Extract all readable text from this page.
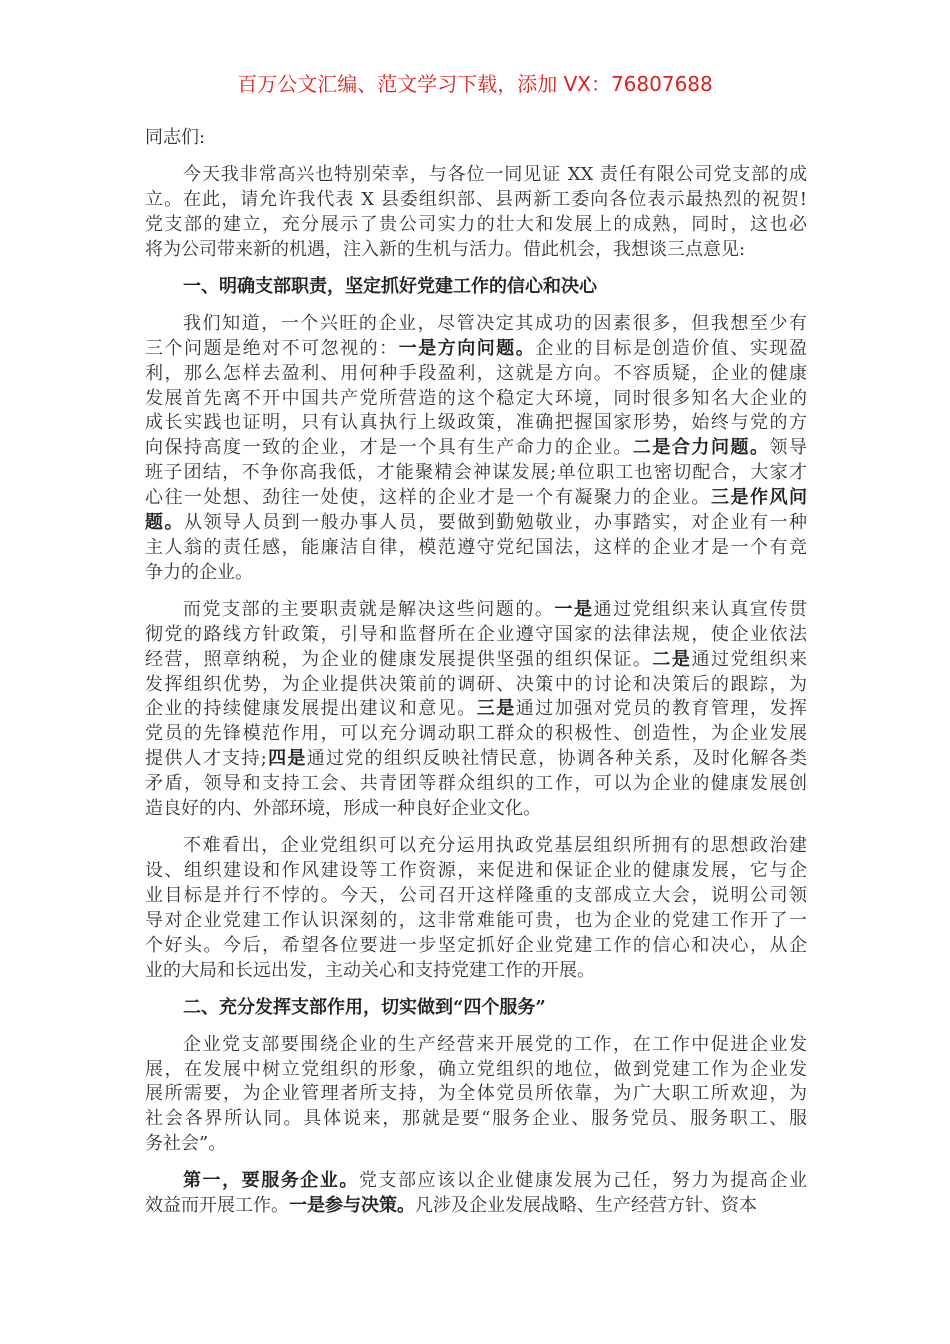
百万公文汇编、范文学习下载，添加 VX：76807688
同志们:
今天我非常高兴也特别荣幸，与各位一同见证 XX 责任有限公司党支部的成
立。在此，请允许我代表 X 县委组织部、县两新工委向各位表示最热烈的祝贺!
党支部的建立，充分展示了贵公司实力的壮大和发展上的成熟，同时，这也必
将为公司带来新的机遇，注入新的生机与活力。借此机会，我想谈三点意见:
一、明确支部职责，坚定抓好党建工作的信心和决心
我们知道，一个兴旺的企业，尽管决定其成功的因素很多，但我想至少有
三个问题是绝对不可忽视的：一是方向问题。企业的目标是创造价值、实现盈
利，那么怎样去盈利、用何种手段盈利，这就是方向。不容质疑，企业的健康
发展首先离不开中国共产党所营造的这个稳定大环境，同时很多知名大企业的
成长实践也证明，只有认真执行上级政策，准确把握国家形势，始终与党的方
向保持高度一致的企业，才是一个具有生产命力的企业。二是合力问题。领导
班子团结，不争你高我低，才能聚精会神谋发展;单位职工也密切配合，大家才
心往一处想、劲往一处使，这样的企业才是一个有凝聚力的企业。三是作风问
题。从领导人员到一般办事人员，要做到勤勉敬业，办事踏实，对企业有一种
主人翁的责任感，能廉洁自律，模范遵守党纪国法，这样的企业才是一个有竞
争力的企业。
而党支部的主要职责就是解决这些问题的。一是通过党组织来认真宣传贯
彻党的路线方针政策，引导和监督所在企业遵守国家的法律法规，使企业依法
经营，照章纳税，为企业的健康发展提供坚强的组织保证。二是通过党组织来
发挥组织优势，为企业提供决策前的调研、决策中的讨论和决策后的跟踪，为
企业的持续健康发展提出建议和意见。三是通过加强对党员的教育管理，发挥
党员的先锋模范作用，可以充分调动职工群众的积极性、创造性，为企业发展
提供人才支持;四是通过党的组织反映社情民意，协调各种关系，及时化解各类
矛盾，领导和支持工会、共青团等群众组织的工作，可以为企业的健康发展创
造良好的内、外部环境，形成一种良好企业文化。
不难看出，企业党组织可以充分运用执政党基层组织所拥有的思想政治建
设、组织建设和作风建设等工作资源，来促进和保证企业的健康发展，它与企
业目标是并行不悖的。今天，公司召开这样隆重的支部成立大会，说明公司领
导对企业党建工作认识深刻的，这非常难能可贵，也为企业的党建工作开了一
个好头。今后，希望各位要进一步坚定抓好企业党建工作的信心和决心，从企
业的大局和长远出发，主动关心和支持党建工作的开展。
二、充分发挥支部作用，切实做到“四个服务”
企业党支部要围绕企业的生产经营来开展党的工作，在工作中促进企业发
展，在发展中树立党组织的形象，确立党组织的地位，做到党建工作为企业发
展所需要，为企业管理者所支持，为全体党员所依靠，为广大职工所欢迎，为
社会各界所认同。具体说来，那就是要“服务企业、服务党员、服务职工、服
务社会”。
第一，要服务企业。党支部应该以企业健康发展为己任，努力为提高企业
效益而开展工作。一是参与决策。凡涉及企业发展战略、生产经营方针、资本
